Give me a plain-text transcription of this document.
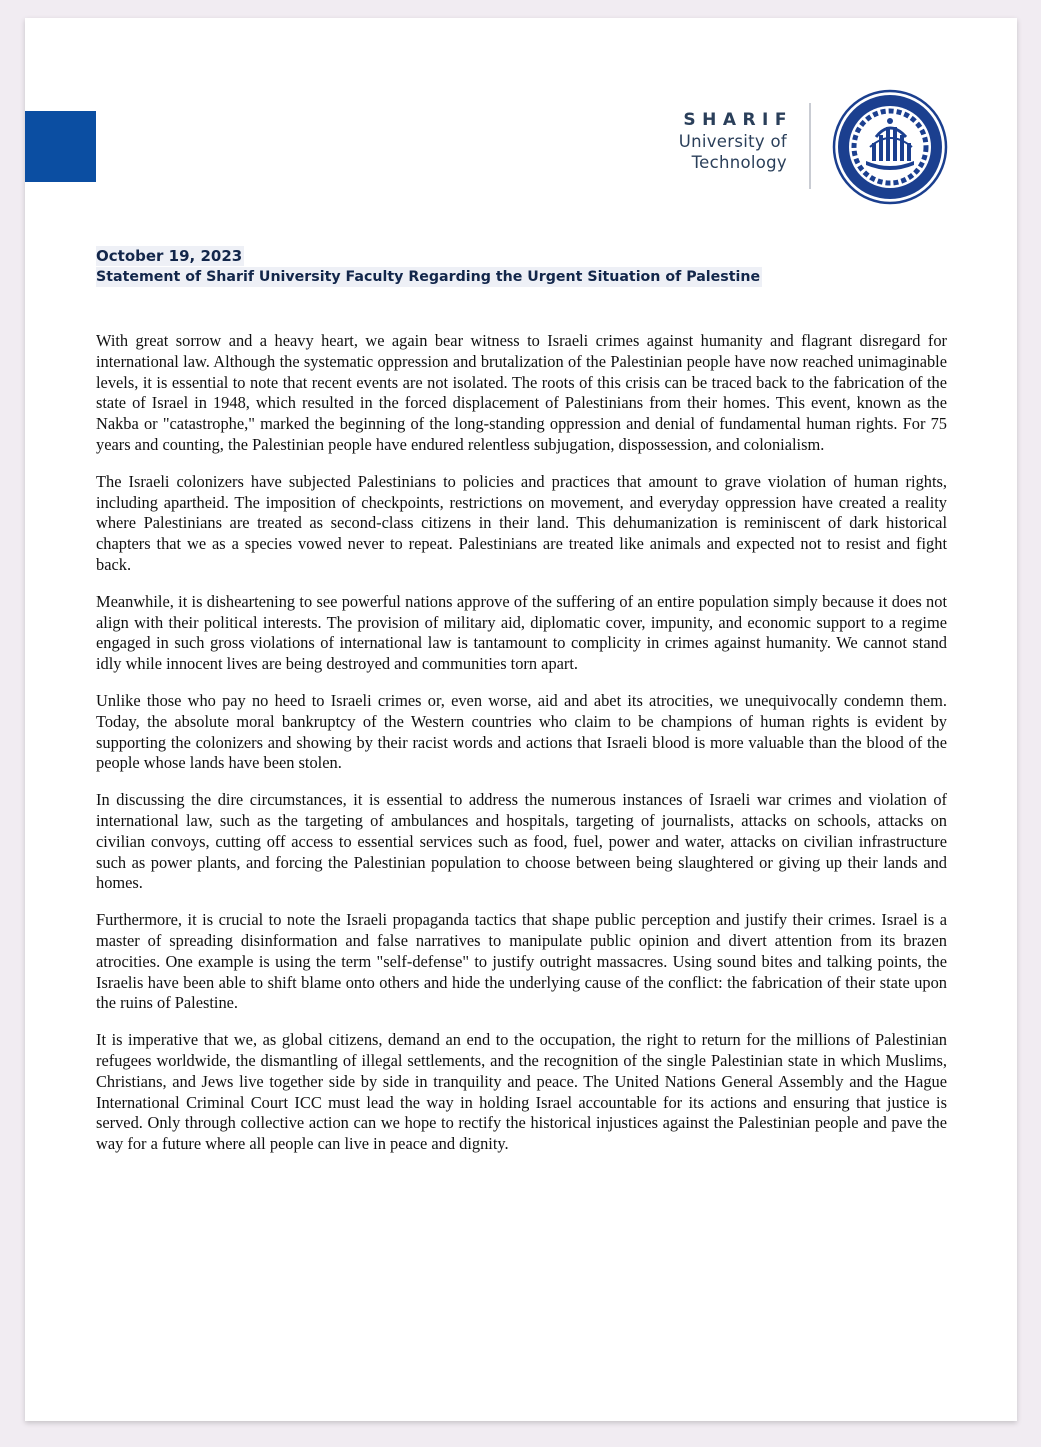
SHARIF
University of
Technology
October 19, 2023
Statement of Sharif University Faculty Regarding the Urgent Situation of Palestine

With great sorrow and a heavy heart, we again bear witness to Israeli crimes against humanity and flagrant disregard for international law. Although the systematic oppression and brutalization of the Palestinian people have now reached unimaginable levels, it is essential to note that recent events are not isolated. The roots of this crisis can be traced back to the fabrication of the state of Israel in 1948, which resulted in the forced displacement of Palestinians from their homes. This event, known as the Nakba or "catastrophe," marked the beginning of the long-standing oppression and denial of fundamental human rights. For 75 years and counting, the Palestinian people have endured relentless subjugation, dispossession, and colonialism.

The Israeli colonizers have subjected Palestinians to policies and practices that amount to grave violation of human rights, including apartheid. The imposition of checkpoints, restrictions on movement, and everyday oppression have created a reality where Palestinians are treated as second-class citizens in their land. This dehumanization is reminiscent of dark historical chapters that we as a species vowed never to repeat. Palestinians are treated like animals and expected not to resist and fight back.

Meanwhile, it is disheartening to see powerful nations approve of the suffering of an entire population simply because it does not align with their political interests. The provision of military aid, diplomatic cover, impunity, and economic support to a regime engaged in such gross violations of international law is tantamount to complicity in crimes against humanity. We cannot stand idly while innocent lives are being destroyed and communities torn apart.

Unlike those who pay no heed to Israeli crimes or, even worse, aid and abet its atrocities, we unequivocally condemn them. Today, the absolute moral bankruptcy of the Western countries who claim to be champions of human rights is evident by supporting the colonizers and showing by their racist words and actions that Israeli blood is more valuable than the blood of the people whose lands have been stolen.

In discussing the dire circumstances, it is essential to address the numerous instances of Israeli war crimes and violation of international law, such as the targeting of ambulances and hospitals, targeting of journalists, attacks on schools, attacks on civilian convoys, cutting off access to essential services such as food, fuel, power and water, attacks on civilian infrastructure such as power plants, and forcing the Palestinian population to choose between being slaughtered or giving up their lands and homes.

Furthermore, it is crucial to note the Israeli propaganda tactics that shape public perception and justify their crimes. Israel is a master of spreading disinformation and false narratives to manipulate public opinion and divert attention from its brazen atrocities. One example is using the term "self-defense" to justify outright massacres. Using sound bites and talking points, the Israelis have been able to shift blame onto others and hide the underlying cause of the conflict: the fabrication of their state upon the ruins of Palestine.

It is imperative that we, as global citizens, demand an end to the occupation, the right to return for the millions of Palestinian refugees worldwide, the dismantling of illegal settlements, and the recognition of the single Palestinian state in which Muslims, Christians, and Jews live together side by side in tranquility and peace. The United Nations General Assembly and the Hague International Criminal Court ICC must lead the way in holding Israel accountable for its actions and ensuring that justice is served. Only through collective action can we hope to rectify the historical injustices against the Palestinian people and pave the way for a future where all people can live in peace and dignity.
